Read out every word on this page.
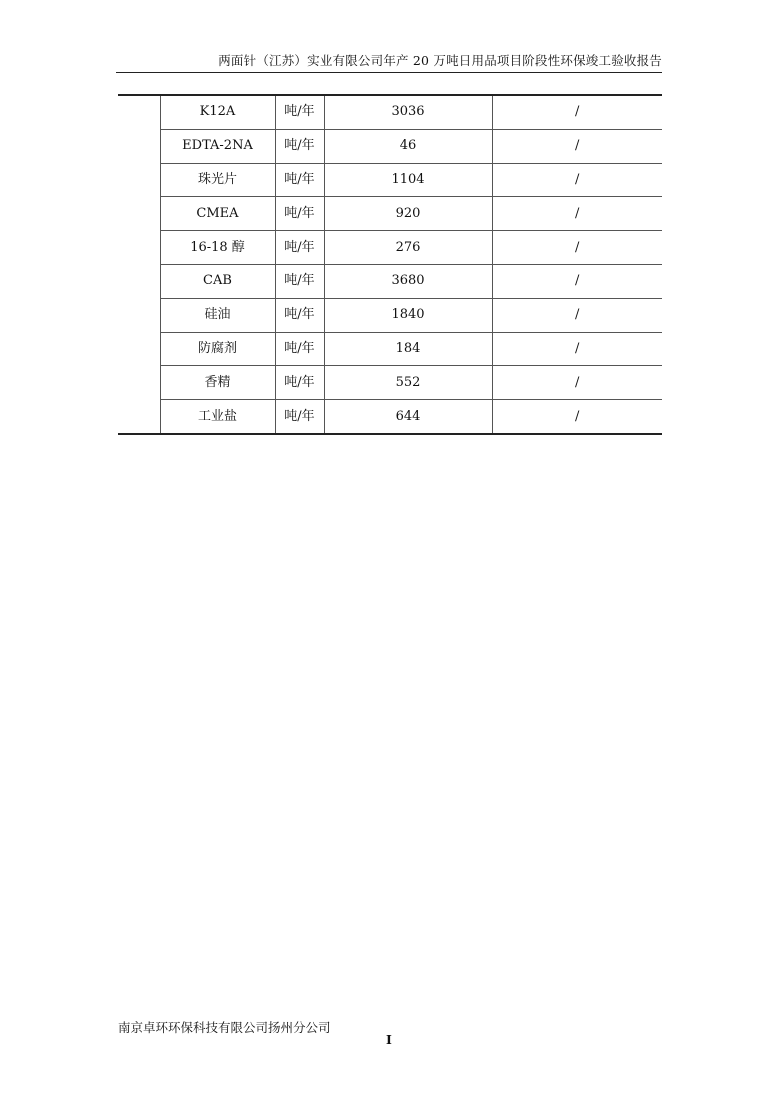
两面针（江苏）实业有限公司年产 20 万吨日用品项目阶段性环保竣工验收报告
	K12A	吨/年	3036	/
	EDTA-2NA	吨/年	46	/
	珠光片	吨/年	1104	/
	CMEA	吨/年	920	/
	16-18 醇	吨/年	276	/
	CAB	吨/年	3680	/
	硅油	吨/年	1840	/
	防腐剂	吨/年	184	/
	香精	吨/年	552	/
	工业盐	吨/年	644	/
南京卓环环保科技有限公司扬州分公司
Ⅰ
